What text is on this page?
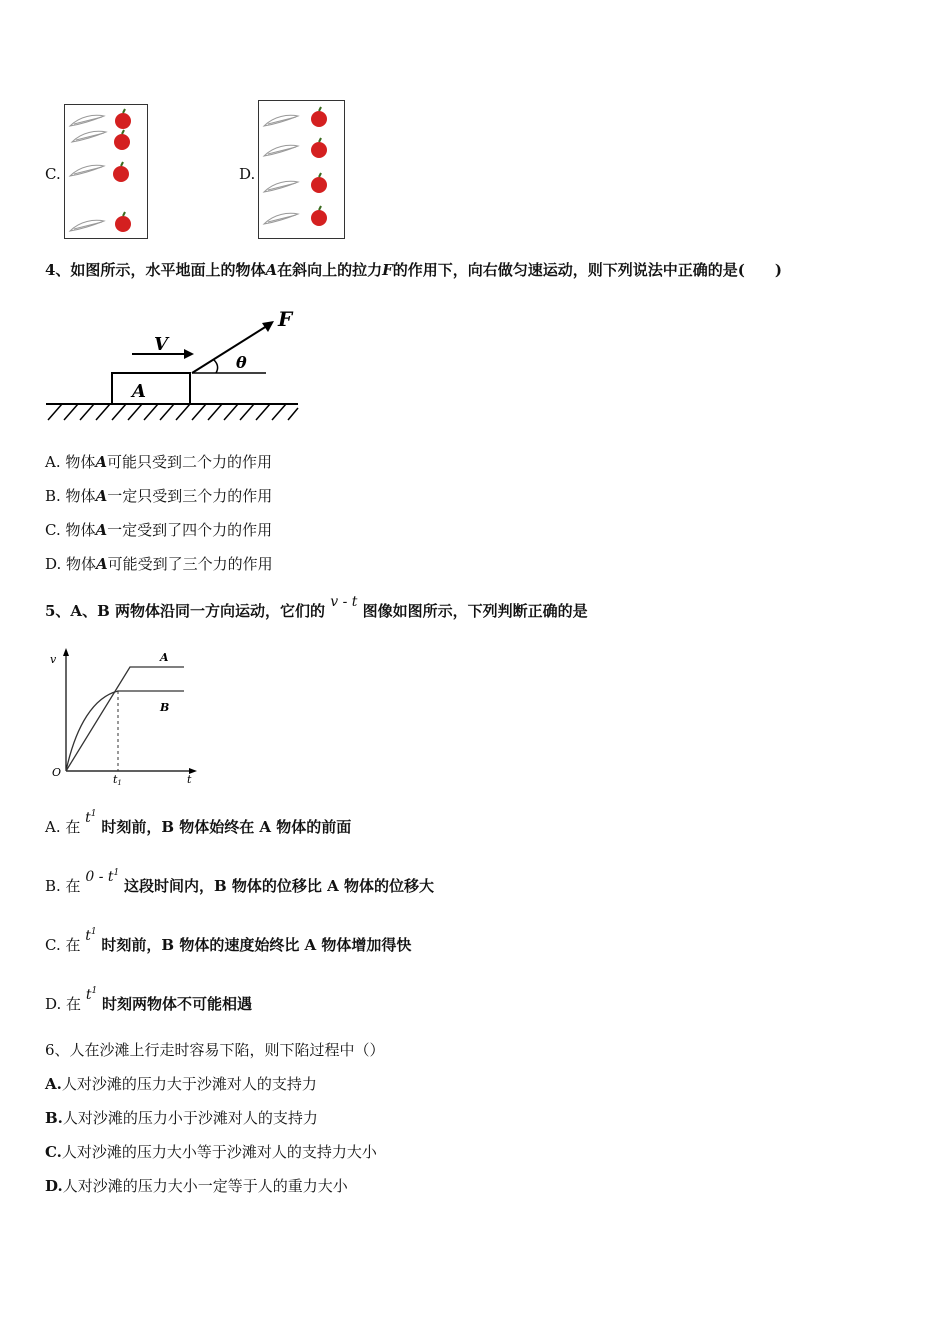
C.	D.
4、如图所示，水平地面上的物体A在斜向上的拉力F的作用下，向右做匀速运动，则下列说法中正确的是(　　)
A
V
F
θ
A. 物体A可能只受到二个力的作用
B. 物体A一定只受到三个力的作用
C. 物体A一定受到了四个力的作用
D. 物体A可能受到了三个力的作用
5、A、B 两物体沿同一方向运动，它们的 v - t 图像如图所示，下列判断正确的是
v
t
O
t1
A
B
A. 在 $t^1$ 时刻前，B 物体始终在 A 物体的前面
B. 在 $0 - t^1$ 这段时间内，B 物体的位移比 A 物体的位移大
C. 在 $t^1$ 时刻前，B 物体的速度始终比 A 物体增加得快
D. 在 $t^1$ 时刻两物体不可能相遇
6、人在沙滩上行走时容易下陷，则下陷过程中（）
A.人对沙滩的压力大于沙滩对人的支持力
B.人对沙滩的压力小于沙滩对人的支持力
C.人对沙滩的压力大小等于沙滩对人的支持力大小
D.人对沙滩的压力大小一定等于人的重力大小
